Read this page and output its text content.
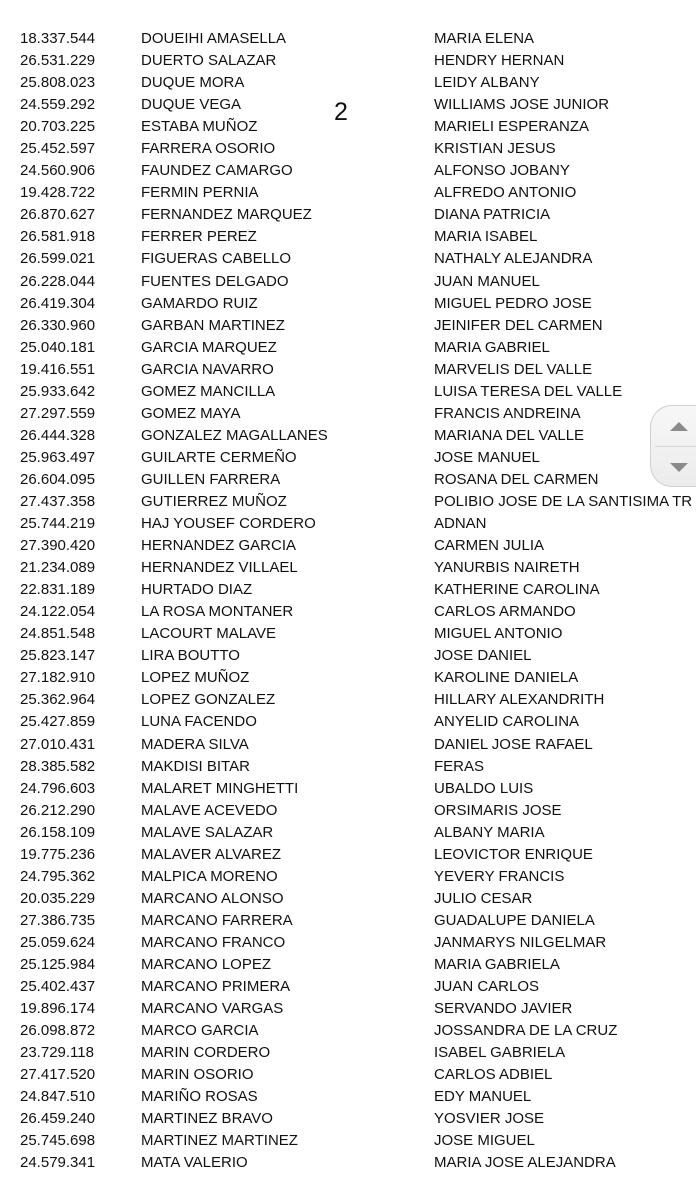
18.337.544	DOUEIHI AMASELLA	MARIA ELENA
26.531.229	DUERTO SALAZAR	HENDRY HERNAN
25.808.023	DUQUE MORA	LEIDY ALBANY
24.559.292	DUQUE VEGA	WILLIAMS JOSE JUNIOR
20.703.225	ESTABA MUÑOZ	MARIELI ESPERANZA
25.452.597	FARRERA OSORIO	KRISTIAN JESUS
24.560.906	FAUNDEZ CAMARGO	ALFONSO JOBANY
19.428.722	FERMIN PERNIA	ALFREDO ANTONIO
26.870.627	FERNANDEZ MARQUEZ	DIANA PATRICIA
26.581.918	FERRER PEREZ	MARIA ISABEL
26.599.021	FIGUERAS CABELLO	NATHALY ALEJANDRA
26.228.044	FUENTES DELGADO	JUAN MANUEL
26.419.304	GAMARDO RUIZ	MIGUEL PEDRO JOSE
26.330.960	GARBAN MARTINEZ	JEINIFER DEL CARMEN
25.040.181	GARCIA MARQUEZ	MARIA GABRIEL
19.416.551	GARCIA NAVARRO	MARVELIS DEL VALLE
25.933.642	GOMEZ MANCILLA	LUISA TERESA DEL VALLE
27.297.559	GOMEZ MAYA	FRANCIS ANDREINA
26.444.328	GONZALEZ MAGALLANES	MARIANA DEL VALLE
25.963.497	GUILARTE CERMEÑO	JOSE MANUEL
26.604.095	GUILLEN FARRERA	ROSANA DEL CARMEN
27.437.358	GUTIERREZ MUÑOZ	POLIBIO JOSE DE LA SANTISIMA TR
25.744.219	HAJ YOUSEF CORDERO	ADNAN
27.390.420	HERNANDEZ GARCIA	CARMEN JULIA
21.234.089	HERNANDEZ VILLAEL	YANURBIS NAIRETH
22.831.189	HURTADO DIAZ	KATHERINE CAROLINA
24.122.054	LA ROSA MONTANER	CARLOS ARMANDO
24.851.548	LACOURT MALAVE	MIGUEL ANTONIO
25.823.147	LIRA BOUTTO	JOSE DANIEL
27.182.910	LOPEZ MUÑOZ	KAROLINE DANIELA
25.362.964	LOPEZ GONZALEZ	HILLARY ALEXANDRITH
25.427.859	LUNA FACENDO	ANYELID CAROLINA
27.010.431	MADERA SILVA	DANIEL JOSE RAFAEL
28.385.582	MAKDISI BITAR	FERAS
24.796.603	MALARET MINGHETTI	UBALDO LUIS
26.212.290	MALAVE ACEVEDO	ORSIMARIS JOSE
26.158.109	MALAVE SALAZAR	ALBANY MARIA
19.775.236	MALAVER ALVAREZ	LEOVICTOR ENRIQUE
24.795.362	MALPICA MORENO	YEVERY FRANCIS
20.035.229	MARCANO ALONSO	JULIO CESAR
27.386.735	MARCANO FARRERA	GUADALUPE DANIELA
25.059.624	MARCANO FRANCO	JANMARYS NILGELMAR
25.125.984	MARCANO LOPEZ	MARIA GABRIELA
25.402.437	MARCANO PRIMERA	JUAN CARLOS
19.896.174	MARCANO VARGAS	SERVANDO JAVIER
26.098.872	MARCO GARCIA	JOSSANDRA DE LA CRUZ
23.729.118	MARIN CORDERO	ISABEL GABRIELA
27.417.520	MARIN OSORIO	CARLOS ADBIEL
24.847.510	MARIÑO ROSAS	EDY MANUEL
26.459.240	MARTINEZ BRAVO	YOSVIER JOSE
25.745.698	MARTINEZ MARTINEZ	JOSE MIGUEL
24.579.341	MATA VALERIO	MARIA JOSE ALEJANDRA
2
